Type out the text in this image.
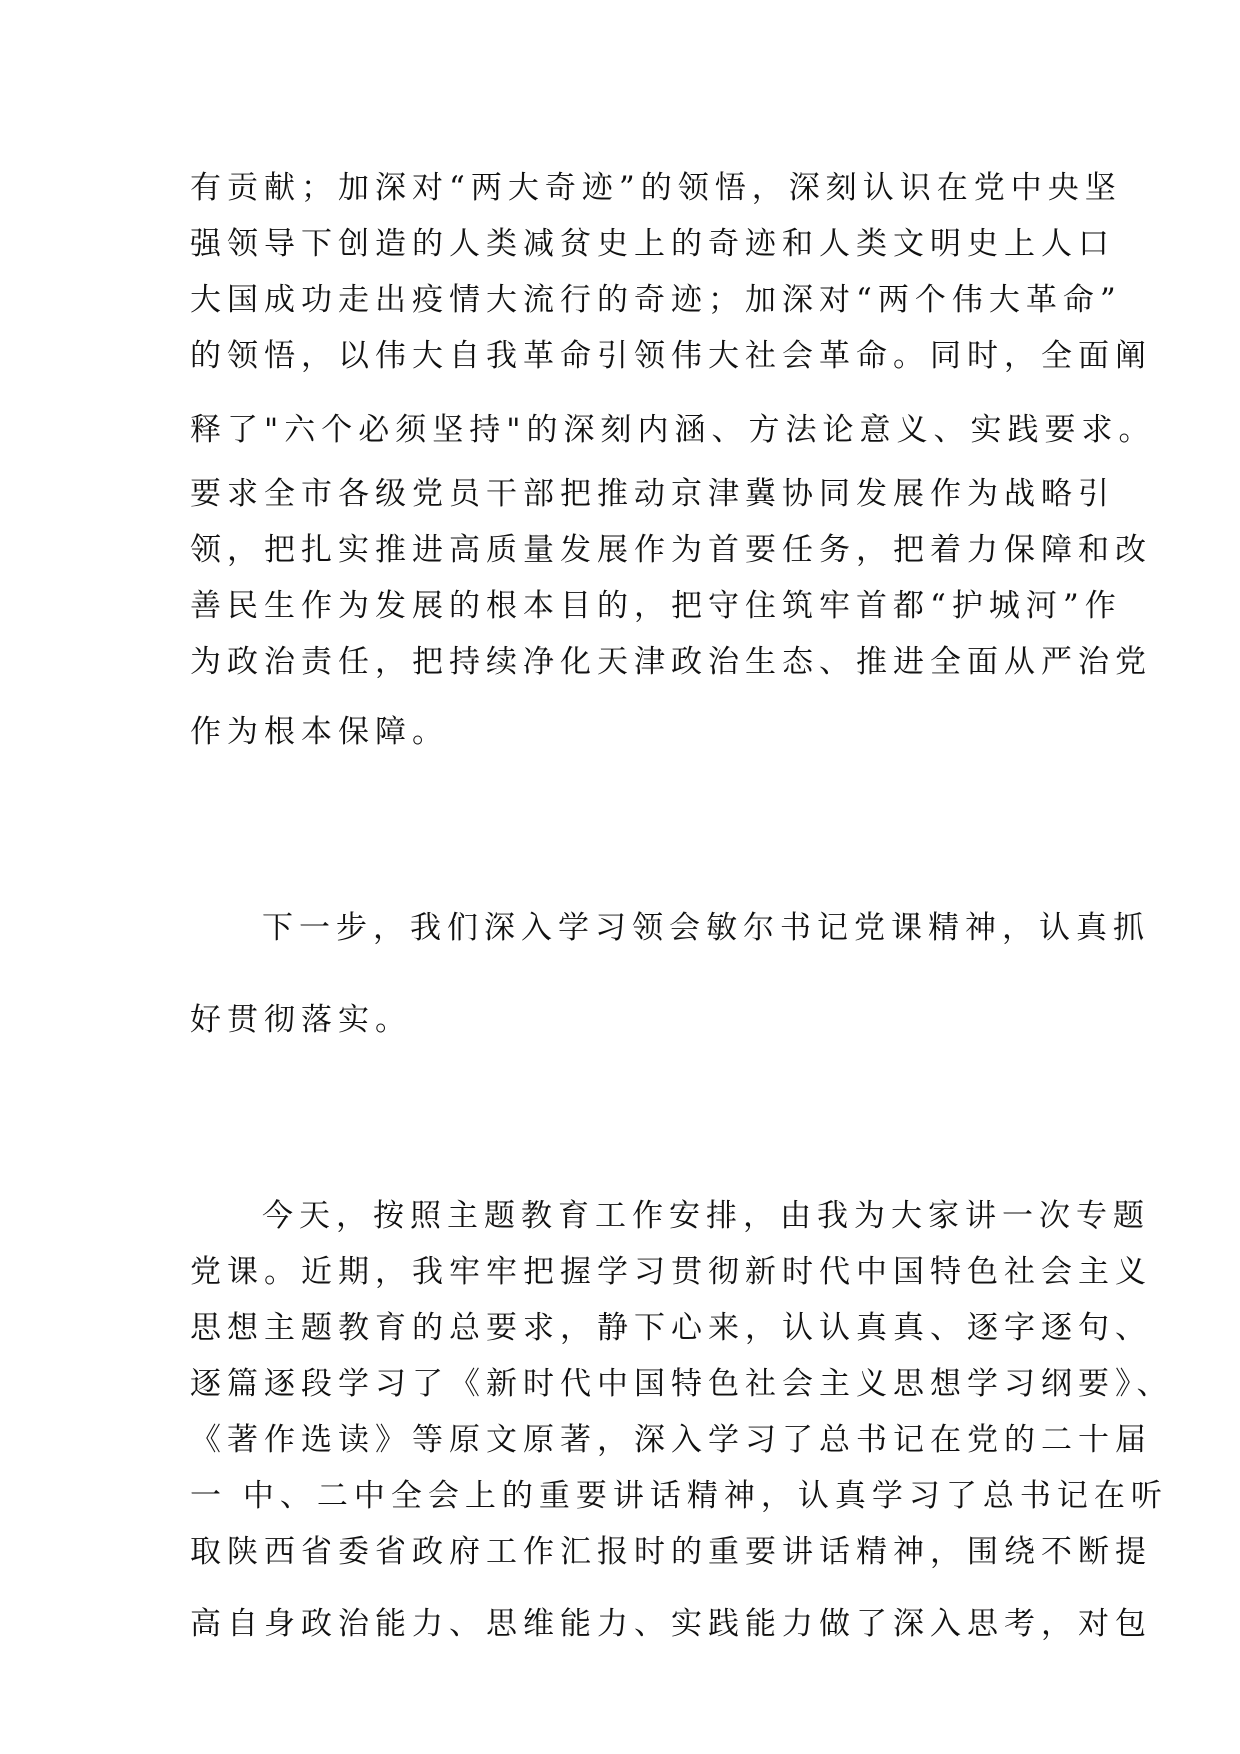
有贡献；加深对“两大奇迹”的领悟，深刻认识在党中央坚
强领导下创造的人类减贫史上的奇迹和人类文明史上人口
大国成功走出疫情大流行的奇迹；加深对“两个伟大革命”
的领悟，以伟大自我革命引领伟大社会革命。同时，全面阐
释了"六个必须坚持"的深刻内涵、方法论意义、实践要求。
要求全市各级党员干部把推动京津冀协同发展作为战略引
领，把扎实推进高质量发展作为首要任务，把着力保障和改
善民生作为发展的根本目的，把守住筑牢首都“护城河”作
为政治责任，把持续净化天津政治生态、推进全面从严治党
作为根本保障。
下一步，我们深入学习领会敏尔书记党课精神，认真抓
好贯彻落实。
今天，按照主题教育工作安排，由我为大家讲一次专题
党课。近期，我牢牢把握学习贯彻新时代中国特色社会主义
思想主题教育的总要求，静下心来，认认真真、逐字逐句、
逐篇逐段学习了《新时代中国特色社会主义思想学习纲要》、
《著作选读》等原文原著，深入学习了总书记在党的二十届
一 中、二中全会上的重要讲话精神，认真学习了总书记在听
取陕西省委省政府工作汇报时的重要讲话精神，围绕不断提
高自身政治能力、思维能力、实践能力做了深入思考，对包
